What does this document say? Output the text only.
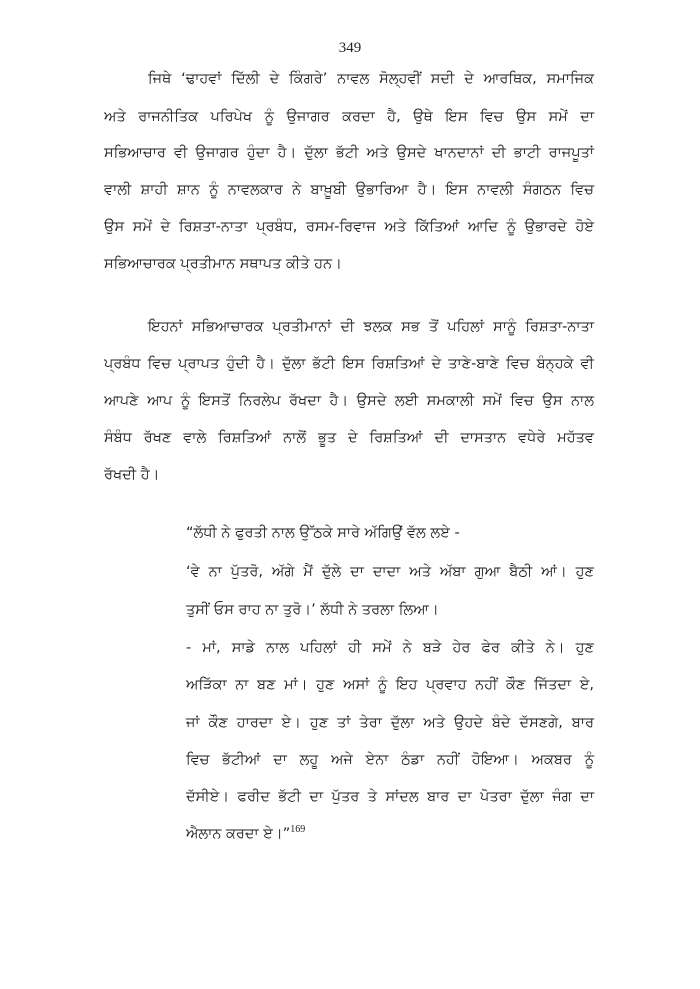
349
ਜਿਥੇ ‘ਢਾਹਵਾਂ ਦਿੱਲੀ ਦੇ ਕਿੰਗਰੇ’ ਨਾਵਲ ਸੋਲ੍ਹਵੀਂ ਸਦੀ ਦੇ ਆਰਥਿਕ, ਸਮਾਜਿਕ
ਅਤੇ ਰਾਜਨੀਤਿਕ ਪਰਿਪੇਖ ਨੂੰ ਉਜਾਗਰ ਕਰਦਾ ਹੈ, ਉਥੇ ਇਸ ਵਿਚ ਉਸ ਸਮੇਂ ਦਾ
ਸਭਿਆਚਾਰ ਵੀ ਉਜਾਗਰ ਹੁੰਦਾ ਹੈ। ਦੁੱਲਾ ਭੱਟੀ ਅਤੇ ਉਸਦੇ ਖਾਨਦਾਨਾਂ ਦੀ ਭਾਟੀ ਰਾਜਪੂਤਾਂ
ਵਾਲੀ ਸ਼ਾਹੀ ਸ਼ਾਨ ਨੂੰ ਨਾਵਲਕਾਰ ਨੇ ਬਾਖ਼ੂਬੀ ਉਭਾਰਿਆ ਹੈ। ਇਸ ਨਾਵਲੀ ਸੰਗਠਨ ਵਿਚ
ਉਸ ਸਮੇਂ ਦੇ ਰਿਸ਼ਤਾ-ਨਾਤਾ ਪ੍ਰਬੰਧ, ਰਸਮ-ਰਿਵਾਜ ਅਤੇ ਕਿੱਤਿਆਂ ਆਦਿ ਨੂੰ ਉਭਾਰਦੇ ਹੋਏ
ਸਭਿਆਚਾਰਕ ਪ੍ਰਤੀਮਾਨ ਸਥਾਪਤ ਕੀਤੇ ਹਨ।
ਇਹਨਾਂ ਸਭਿਆਚਾਰਕ ਪ੍ਰਤੀਮਾਨਾਂ ਦੀ ਝਲਕ ਸਭ ਤੋਂ ਪਹਿਲਾਂ ਸਾਨੂੰ ਰਿਸ਼ਤਾ-ਨਾਤਾ
ਪ੍ਰਬੰਧ ਵਿਚ ਪ੍ਰਾਪਤ ਹੁੰਦੀ ਹੈ। ਦੁੱਲਾ ਭੱਟੀ ਇਸ ਰਿਸ਼ਤਿਆਂ ਦੇ ਤਾਣੇ-ਬਾਣੇ ਵਿਚ ਬੰਨ੍ਹਕੇ ਵੀ
ਆਪਣੇ ਆਪ ਨੂੰ ਇਸਤੋਂ ਨਿਰਲੇਪ ਰੱਖਦਾ ਹੈ। ਉਸਦੇ ਲਈ ਸਮਕਾਲੀ ਸਮੇਂ ਵਿਚ ਉਸ ਨਾਲ
ਸੰਬੰਧ ਰੱਖਣ ਵਾਲੇ ਰਿਸ਼ਤਿਆਂ ਨਾਲੋਂ ਭੂਤ ਦੇ ਰਿਸ਼ਤਿਆਂ ਦੀ ਦਾਸਤਾਨ ਵਧੇਰੇ ਮਹੱਤਵ
ਰੱਖਦੀ ਹੈ।
“ਲੱਧੀ ਨੇ ਫੁਰਤੀ ਨਾਲ ਉੱਠਕੇ ਸਾਰੇ ਅੱਗਿਉਂ ਵੱਲ ਲਏ -
‘ਵੇ ਨਾ ਪੁੱਤਰੋ, ਅੱਗੇ ਮੈਂ ਦੁੱਲੇ ਦਾ ਦਾਦਾ ਅਤੇ ਅੱਬਾ ਗੁਆ ਬੈਠੀ ਆਂ। ਹੁਣ
ਤੁਸੀਂ ਓਸ ਰਾਹ ਨਾ ਤੁਰੋ।’ ਲੱਧੀ ਨੇ ਤਰਲਾ ਲਿਆ।
- ਮਾਂ, ਸਾਡੇ ਨਾਲ ਪਹਿਲਾਂ ਹੀ ਸਮੇਂ ਨੇ ਬੜੇ ਹੇਰ ਫੇਰ ਕੀਤੇ ਨੇ। ਹੁਣ
ਅੜਿੱਕਾ ਨਾ ਬਣ ਮਾਂ। ਹੁਣ ਅਸਾਂ ਨੂੰ ਇਹ ਪ੍ਰਵਾਹ ਨਹੀਂ ਕੌਣ ਜਿੱਤਦਾ ਏ,
ਜਾਂ ਕੌਣ ਹਾਰਦਾ ਏ। ਹੁਣ ਤਾਂ ਤੇਰਾ ਦੁੱਲਾ ਅਤੇ ਉਹਦੇ ਬੰਦੇ ਦੱਸਣਗੇ, ਬਾਰ
ਵਿਚ ਭੱਟੀਆਂ ਦਾ ਲਹੂ ਅਜੇ ਏਨਾ ਠੰਡਾ ਨਹੀਂ ਹੋਇਆ। ਅਕਬਰ ਨੂੰ
ਦੱਸੀਏ। ਫਰੀਦ ਭੱਟੀ ਦਾ ਪੁੱਤਰ ਤੇ ਸਾਂਦਲ ਬਾਰ ਦਾ ਪੋਤਰਾ ਦੁੱਲਾ ਜੰਗ ਦਾ
ਐਲਾਨ ਕਰਦਾ ਏ।”$^{169}$
